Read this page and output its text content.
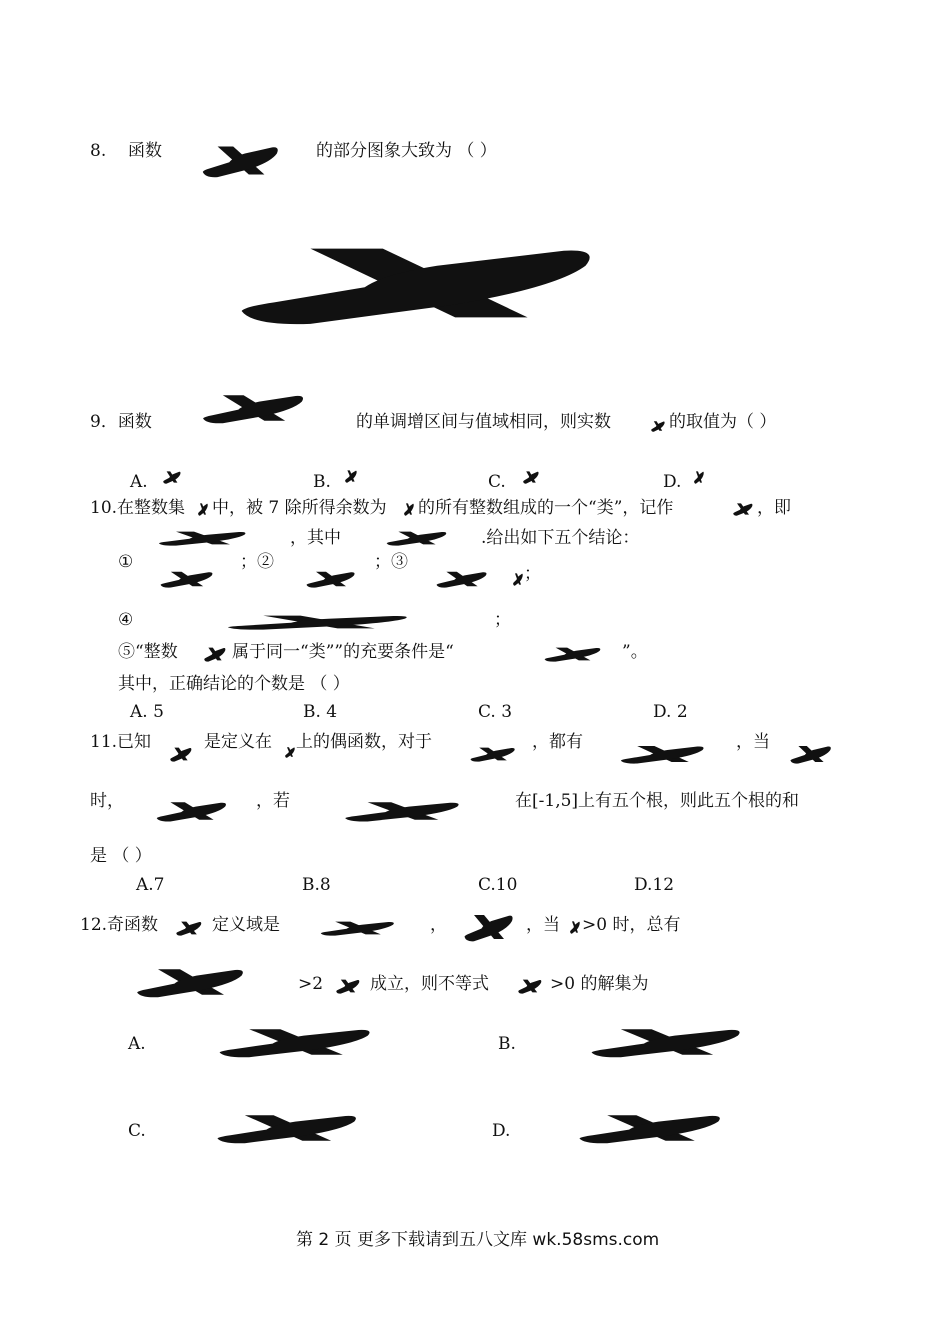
8. 函数	的部分图象大致为 （ ）
9．函数	的单调增区间与值域相同，则实数	的取值为（ ）
A.	B.	C.	D.
10.在整数集 中，被 7 除所得余数为 的所有整数组成的一个“类”，记作	，即
，其中	.给出如下五个结论：
①	；②	；③
；
④	；
⑤“整数	属于同一“类””的充要条件是“	”。
其中，正确结论的个数是 （ ）
A. 5	B. 4	C. 3	D. 2
11.已知	是定义在 上的偶函数，对于	，都有	，当
时，	，若	在[-1,5]上有五个根，则此五个根的和
是 （ ）
A.7	B.8	C.10	D.12
12.奇函数	定义域是	，	，当 >0 时，总有
>2	成立，则不等式	>0 的解集为
A.	B.
C.	D.
第 2 页 更多下载请到五八文库 wk.58sms.com
